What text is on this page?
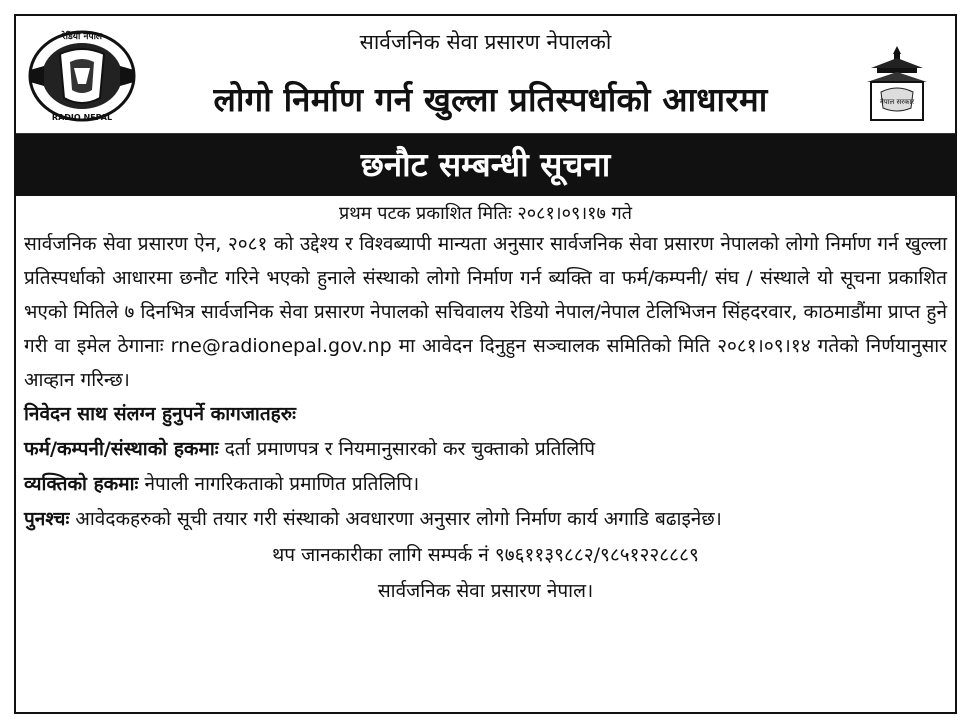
रेडियो नेपाल
RADIO NEPAL
सार्वजनिक सेवा प्रसारण नेपालको
लोगो निर्माण गर्न खुल्ला प्रतिस्पर्धाको आधारमा	नेपाल सरकार
छनौट सम्बन्धी सूचना
प्रथम पटक प्रकाशित मितिः २०८१।०९।१७ गते

सार्वजनिक सेवा प्रसारण ऐन, २०८१ को उद्देश्य र विश्वब्यापी मान्यता अनुसार सार्वजनिक सेवा प्रसारण नेपालको लोगो निर्माण गर्न खुल्ला प्रतिस्पर्धाको आधारमा छनौट गरिने भएको हुनाले संस्थाको लोगो निर्माण गर्न ब्यक्ति वा फर्म/कम्पनी/ संघ / संस्थाले यो सूचना प्रकाशित भएको मितिले ७ दिनभित्र सार्वजनिक सेवा प्रसारण नेपालको सचिवालय रेडियो नेपाल/नेपाल टेलिभिजन सिंहदरवार, काठमाडौंमा प्राप्त हुने गरी वा इमेल ठेगानाः rne@radionepal.gov.np मा आवेदन दिनुहुन सञ्चालक समितिको मिति २०८१।०९।१४ गतेको निर्णयानुसार आव्हान गरिन्छ।

निवेदन साथ संलग्न हुनुपर्ने कागजातहरुः
फर्म/कम्पनी/संस्थाको हकमाः दर्ता प्रमाणपत्र र नियमानुसारको कर चुक्ताको प्रतिलिपि
व्यक्तिको हकमाः नेपाली नागरिकताको प्रमाणित प्रतिलिपि।
पुनश्चः आवेदकहरुको सूची तयार गरी संस्थाको अवधारणा अनुसार लोगो निर्माण कार्य अगाडि बढाइनेछ।
थप जानकारीका लागि सम्पर्क नं ९७६११३९८८२/९८५१२२८८८९
सार्वजनिक सेवा प्रसारण नेपाल।
